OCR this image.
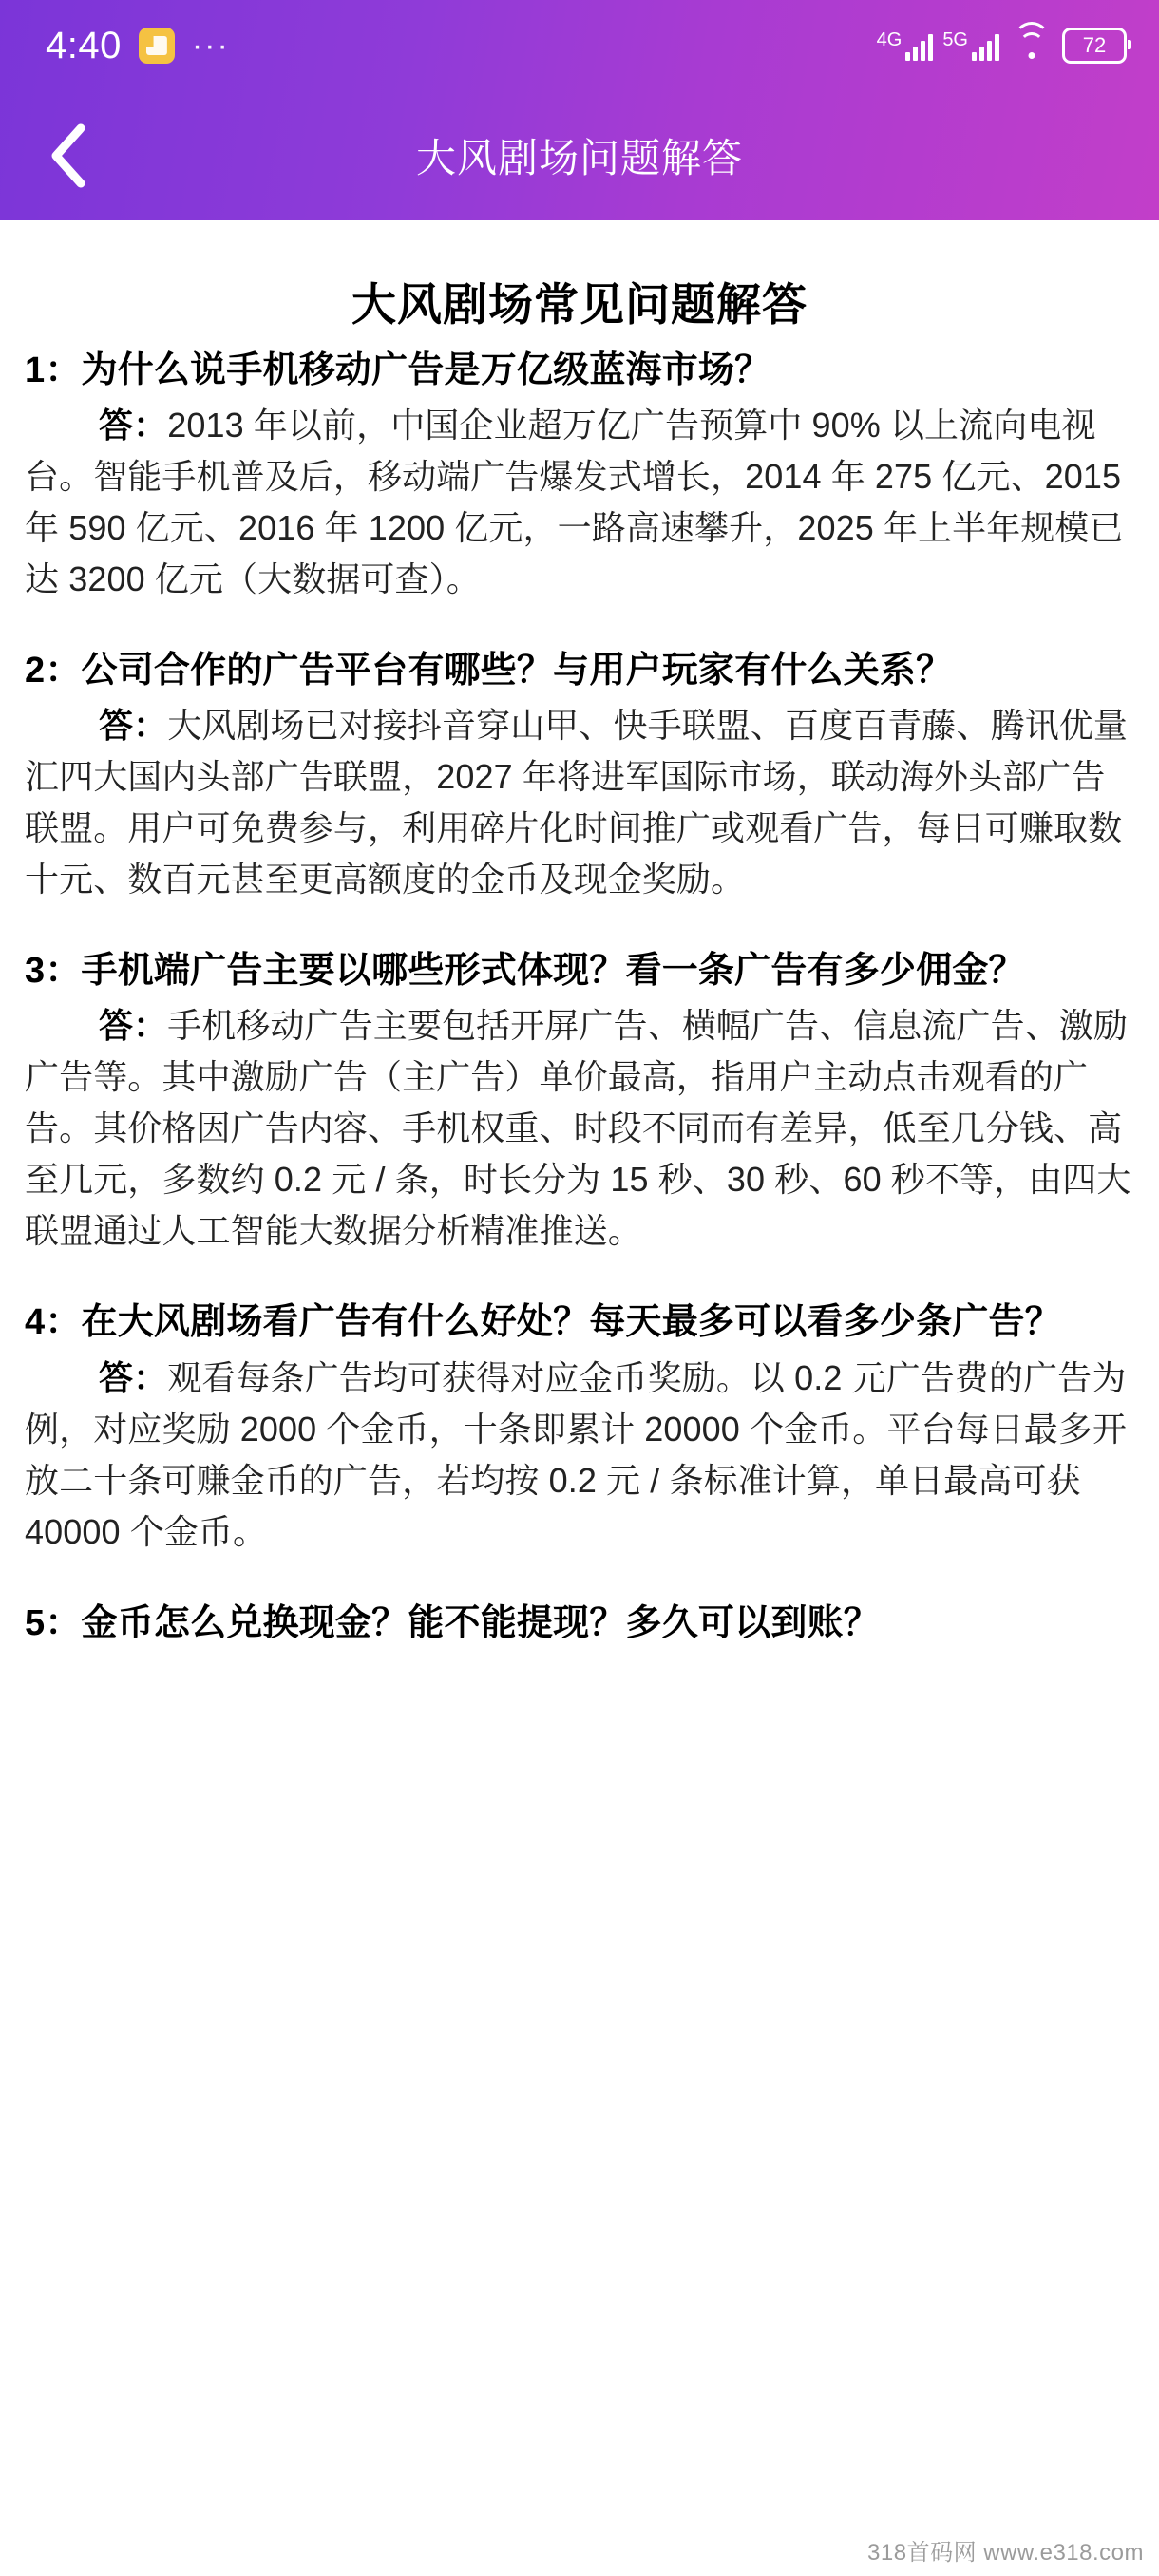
4:40 ···	4G 5G	72
大风剧场问题解答
大风剧场常见问题解答

1：为什么说手机移动广告是万亿级蓝海市场？

答：2013 年以前，中国企业超万亿广告预算中 90% 以上流向电视台。智能手机普及后，移动端广告爆发式增长，2014 年 275 亿元、2015 年 590 亿元、2016 年 1200 亿元，一路高速攀升，2025 年上半年规模已达 3200 亿元（大数据可查）。

2：公司合作的广告平台有哪些？与用户玩家有什么关系？

答：大风剧场已对接抖音穿山甲、快手联盟、百度百青藤、腾讯优量汇四大国内头部广告联盟，2027 年将进军国际市场，联动海外头部广告联盟。用户可免费参与，利用碎片化时间推广或观看广告，每日可赚取数十元、数百元甚至更高额度的金币及现金奖励。

3：手机端广告主要以哪些形式体现？看一条广告有多少佣金？

答：手机移动广告主要包括开屏广告、横幅广告、信息流广告、激励广告等。其中激励广告（主广告）单价最高，指用户主动点击观看的广告。其价格因广告内容、手机权重、时段不同而有差异，低至几分钱、高至几元，多数约 0.2 元 / 条，时长分为 15 秒、30 秒、60 秒不等，由四大联盟通过人工智能大数据分析精准推送。

4：在大风剧场看广告有什么好处？每天最多可以看多少条广告？

答：观看每条广告均可获得对应金币奖励。以 0.2 元广告费的广告为例，对应奖励 2000 个金币，十条即累计 20000 个金币。平台每日最多开放二十条可赚金币的广告，若均按 0.2 元 / 条标准计算，单日最高可获 40000 个金币。

5：金币怎么兑换现金？能不能提现？多久可以到账？

318首码网 www.e318.com
